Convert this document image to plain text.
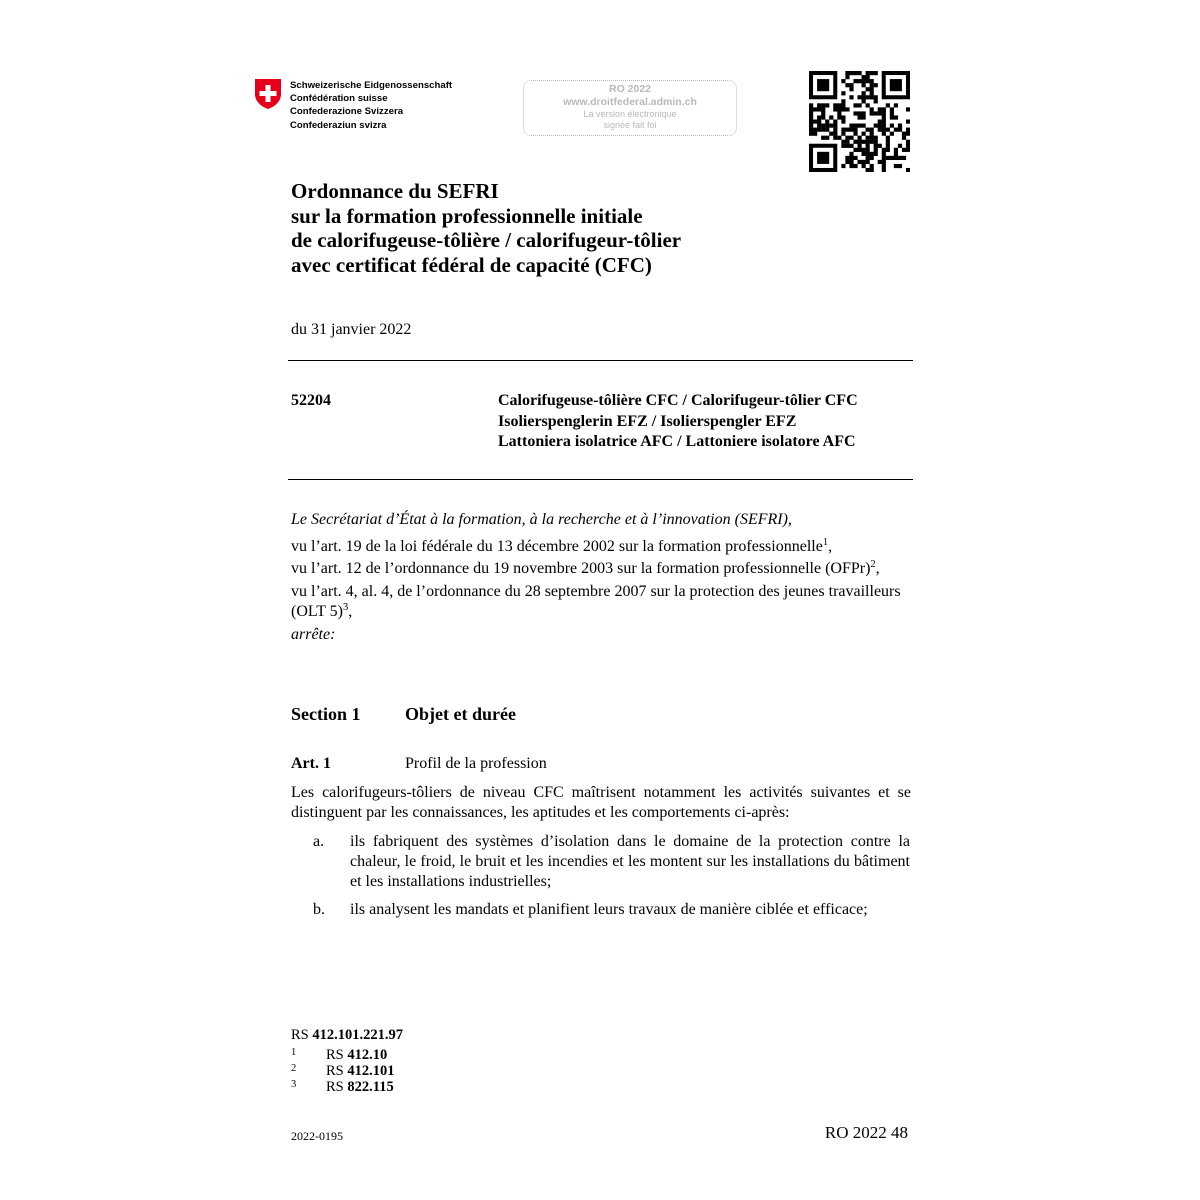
Schweizerische Eidgenossenschaft
Confédération suisse
Confederazione Svizzera
Confederaziun svizra
RO 2022
www.droitfederal.admin.ch
La version électronique
signée fait foi
Ordonnance du SEFRI
sur la formation professionnelle initiale
de calorifugeuse-tôlière / calorifugeur-tôlier
avec certificat fédéral de capacité (CFC)
du 31 janvier 2022
52204	Calorifugeuse-tôlière CFC / Calorifugeur-tôlier CFC
Isolierspenglerin EFZ / Isolierspengler EFZ
Lattoniera isolatrice AFC / Lattoniere isolatore AFC
Le Secrétariat d’État à la formation, à la recherche et à l’innovation (SEFRI),
vu l’art. 19 de la loi fédérale du 13 décembre 2002 sur la formation professionnelle$^1$,
vu l’art. 12 de l’ordonnance du 19 novembre 2003 sur la formation professionnelle (OFPr)$^2$,
vu l’art. 4, al. 4, de l’ordonnance du 28 septembre 2007 sur la protection des jeunes travailleurs (OLT 5)$^3$,
arrête:
Section 1 Objet et durée
Art. 1	Profil de la profession
Les calorifugeurs-tôliers de niveau CFC maîtrisent notamment les activités suivantes et se distinguent par les connaissances, les aptitudes et les comportements ci-après:
a. ils fabriquent des systèmes d’isolation dans le domaine de la protection contre la chaleur, le froid, le bruit et les incendies et les montent sur les installations du bâtiment et les installations industrielles;
b. ils analysent les mandats et planifient leurs travaux de manière ciblée et efficace;
RS 412.101.221.97
1 RS 412.10
2 RS 412.101
3 RS 822.115
2022-0195	RO 2022 48
